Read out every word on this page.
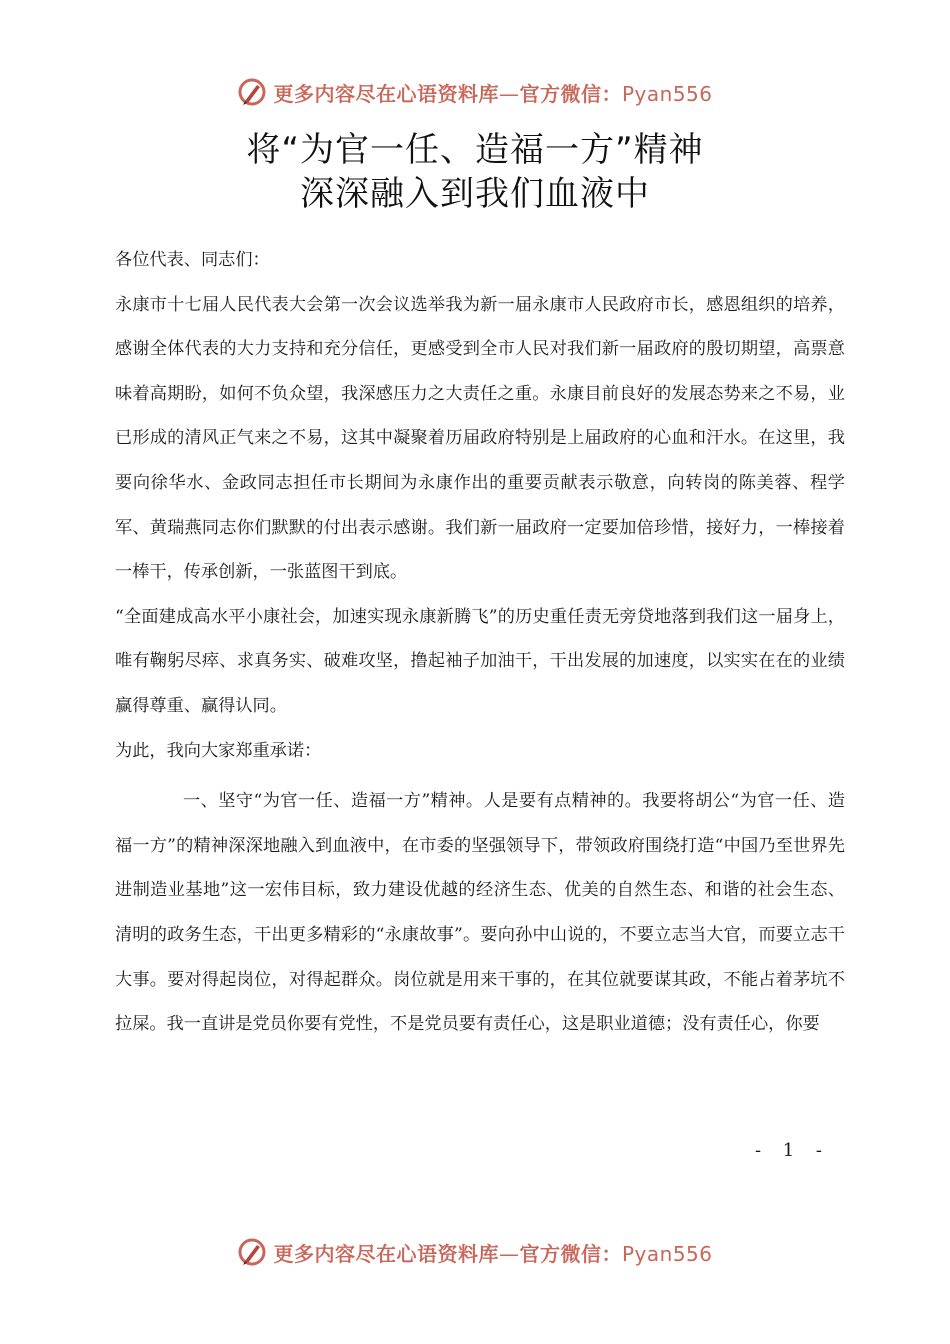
更多内容尽在心语资料库—官方微信：Pyan556
将“为官一任、造福一方”精神
深深融入到我们血液中

各位代表、同志们：

永康市十七届人民代表大会第一次会议选举我为新一届永康市人民政府市长，感恩组织的培养，感谢全体代表的大力支持和充分信任，更感受到全市人民对我们新一届政府的殷切期望，高票意味着高期盼，如何不负众望，我深感压力之大责任之重。永康目前良好的发展态势来之不易，业已形成的清风正气来之不易，这其中凝聚着历届政府特别是上届政府的心血和汗水。在这里，我要向徐华水、金政同志担任市长期间为永康作出的重要贡献表示敬意，向转岗的陈美蓉、程学军、黄瑞燕同志你们默默的付出表示感谢。我们新一届政府一定要加倍珍惜，接好力，一棒接着一棒干，传承创新，一张蓝图干到底。

“全面建成高水平小康社会，加速实现永康新腾飞”的历史重任责无旁贷地落到我们这一届身上，唯有鞠躬尽瘁、求真务实、破难攻坚，撸起袖子加油干，干出发展的加速度，以实实在在的业绩赢得尊重、赢得认同。

为此，我向大家郑重承诺：

一、坚守“为官一任、造福一方”精神。人是要有点精神的。我要将胡公“为官一任、造福一方”的精神深深地融入到血液中，在市委的坚强领导下，带领政府围绕打造“中国乃至世界先进制造业基地”这一宏伟目标，致力建设优越的经济生态、优美的自然生态、和谐的社会生态、清明的政务生态，干出更多精彩的“永康故事”。要向孙中山说的，不要立志当大官，而要立志干大事。要对得起岗位，对得起群众。岗位就是用来干事的，在其位就要谋其政，不能占着茅坑不拉屎。我一直讲是党员你要有党性，不是党员要有责任心，这是职业道德；没有责任心，你要

- 1 -
更多内容尽在心语资料库—官方微信：Pyan556
